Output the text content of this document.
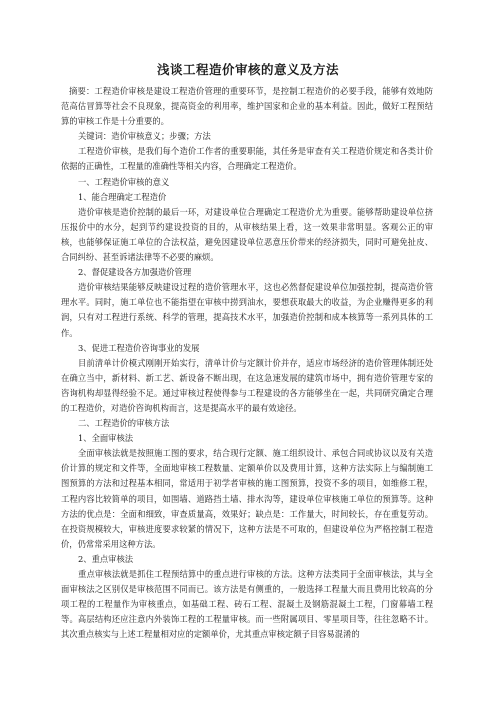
浅谈工程造价审核的意义及方法

摘要：工程造价审核是建设工程造价管理的重要环节，是控制工程造价的必要手段，能够有效地防范高估冒算等社会不良现象，提高资金的利用率，维护国家和企业的基本利益。因此，做好工程预结算的审核工作是十分重要的。

关键词：造价审核意义；步骤；方法

工程造价审核，是我们每个造价工作者的重要职能，其任务是审查有关工程造价规定和各类计价依据的正确性，工程量的准确性等相关内容，合理确定工程造价。

一、工程造价审核的意义

1、能合理确定工程造价

造价审核是造价控制的最后一环，对建设单位合理确定工程造价尤为重要。能够帮助建设单位挤压报价中的水分，起到节约建设投资的目的，从审核结果上看，这一效果非常明显。客观公正的审核，也能够保证施工单位的合法权益，避免因建设单位恶意压价带来的经济损失，同时可避免扯皮、合同纠纷、甚至诉诸法律等不必要的麻烦。

2、督促建设各方加强造价管理

造价审核结果能够反映建设过程的造价管理水平，这也必然督促建设单位加强控制，提高造价管理水平。同时，施工单位也不能指望在审核中捞到油水，要想获取最大的收益，为企业赚得更多的利润，只有对工程进行系统、科学的管理，提高技术水平，加强造价控制和成本核算等一系列具体的工作。

3、促进工程造价咨询事业的发展

目前清单计价模式刚刚开始实行，清单计价与定额计价并存，适应市场经济的造价管理体制还处在确立当中，新材料、新工艺、新设备不断出现，在这急速发展的建筑市场中，拥有造价管理专家的咨询机构却显得经验不足。通过审核过程使得参与工程建设的各方能够坐在一起，共同研究确定合理的工程造价，对造价咨询机构而言，这是提高水平的最有效途径。

二、工程造价的审核方法

1、全面审核法

全面审核法就是按照施工图的要求，结合现行定额、施工组织设计、承包合同或协议以及有关造价计算的规定和文件等，全面地审核工程数量、定额单价以及费用计算，这种方法实际上与编制施工图预算的方法和过程基本相同，常适用于初学者审核的施工图预算，投资不多的项目，如维修工程，工程内容比较简单的项目，如围墙、道路挡土墙、排水沟等，建设单位审核施工单位的预算等。这种方法的优点是：全面和细致，审查质量高，效果好；缺点是：工作量大，时间较长，存在重复劳动。在投资规模较大，审核进度要求较紧的情况下，这种方法是不可取的，但建设单位为严格控制工程造价，仍常常采用这种方法。

2、重点审核法

重点审核法就是抓住工程预结算中的重点进行审核的方法。这种方法类同于全面审核法，其与全面审核法之区别仅是审核范围不同而已。该方法是有侧重的，一般选择工程量大而且费用比较高的分项工程的工程量作为审核重点，如基础工程、砖石工程、混凝土及钢筋混凝土工程，门窗幕墙工程等。高层结构还应注意内外装饰工程的工程量审核。而一些附属项目、零星项目等，往往忽略不计。其次重点核实与上述工程量相对应的定额单价，尤其重点审核定额子目容易混淆的
